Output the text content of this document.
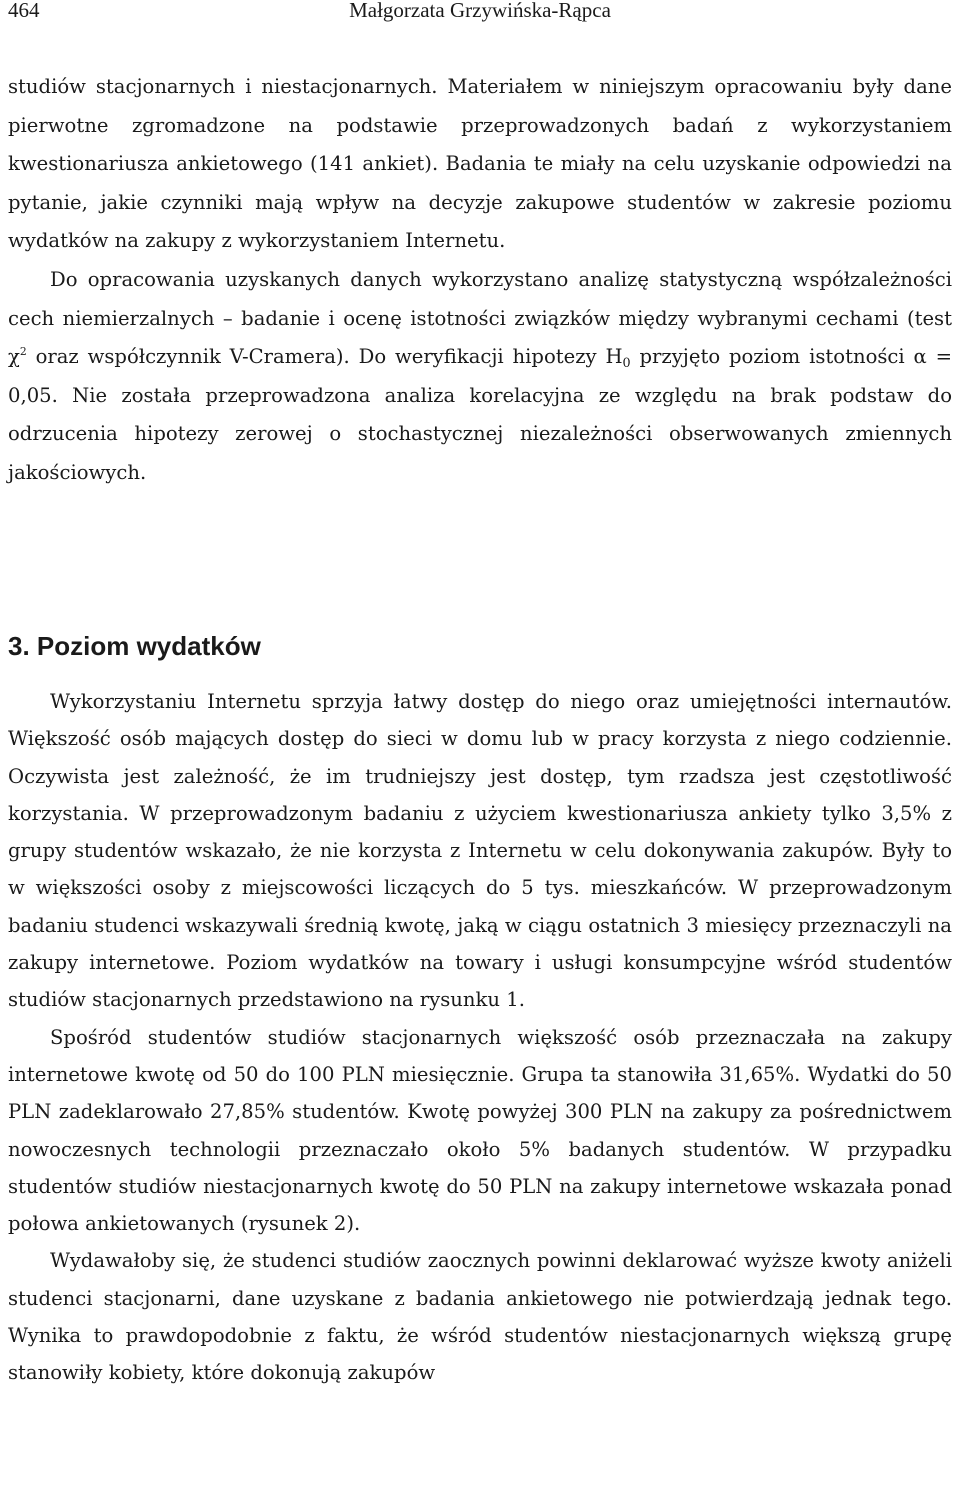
464	Małgorzata Grzywińska-Rąpca

studiów stacjonarnych i niestacjonarnych. Materiałem w niniejszym opracowaniu były dane pierwotne zgromadzone na podstawie przeprowadzonych badań z wykorzystaniem kwestionariusza ankietowego (141 ankiet). Badania te miały na celu uzyskanie odpowiedzi na pytanie, jakie czynniki mają wpływ na decyzje zakupowe studentów w zakresie poziomu wydatków na zakupy z wykorzystaniem Internetu.

Do opracowania uzyskanych danych wykorzystano analizę statystyczną współzależności cech niemierzalnych – badanie i ocenę istotności związków między wybranymi cechami (test $\chi^2$ oraz współczynnik V-Cramera). Do weryfikacji hipotezy $H_0$ przyjęto poziom istotności α = 0,05. Nie została przeprowadzona analiza korelacyjna ze względu na brak podstaw do odrzucenia hipotezy zerowej o stochastycznej niezależności obserwowanych zmiennych jakościowych.

3. Poziom wydatków

Wykorzystaniu Internetu sprzyja łatwy dostęp do niego oraz umiejętności internautów. Większość osób mających dostęp do sieci w domu lub w pracy korzysta z niego codziennie. Oczywista jest zależność, że im trudniejszy jest dostęp, tym rzadsza jest częstotliwość korzystania. W przeprowadzonym badaniu z użyciem kwestionariusza ankiety tylko 3,5% z grupy studentów wskazało, że nie korzysta z Internetu w celu dokonywania zakupów. Były to w większości osoby z miejscowości liczących do 5 tys. mieszkańców. W przeprowadzonym badaniu studenci wskazywali średnią kwotę, jaką w ciągu ostatnich 3 miesięcy przeznaczyli na zakupy internetowe. Poziom wydatków na towary i usługi konsumpcyjne wśród studentów studiów stacjonarnych przedstawiono na rysunku 1.

Spośród studentów studiów stacjonarnych większość osób przeznaczała na zakupy internetowe kwotę od 50 do 100 PLN miesięcznie. Grupa ta stanowiła 31,65%. Wydatki do 50 PLN zadeklarowało 27,85% studentów. Kwotę powyżej 300 PLN na zakupy za pośrednictwem nowoczesnych technologii przeznaczało około 5% badanych studentów. W przypadku studentów studiów niestacjonarnych kwotę do 50 PLN na zakupy internetowe wskazała ponad połowa ankietowanych (rysunek 2).

Wydawałoby się, że studenci studiów zaocznych powinni deklarować wyższe kwoty aniżeli studenci stacjonarni, dane uzyskane z badania ankietowego nie potwierdzają jednak tego. Wynika to prawdopodobnie z faktu, że wśród studentów niestacjonarnych większą grupę stanowiły kobiety, które dokonują zakupów
